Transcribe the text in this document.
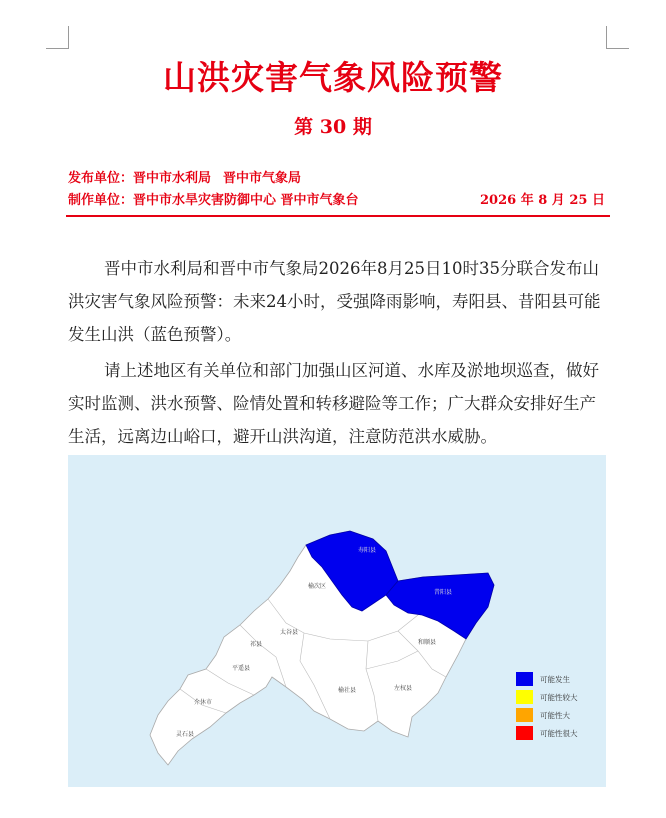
山洪灾害气象风险预警
第 30 期
发布单位：晋中市水利局 晋中市气象局
制作单位：晋中市水旱灾害防御中心 晋中市气象台	2026 年 8 月 25 日

晋中市水利局和晋中市气象局2026年8月25日10时35分联合发布山洪灾害气象风险预警：未来24小时，受强降雨影响，寿阳县、昔阳县可能发生山洪（蓝色预警）。

请上述地区有关单位和部门加强山区河道、水库及淤地坝巡查，做好实时监测、洪水预警、险情处置和转移避险等工作；广大群众安排好生产生活，远离边山峪口，避开山洪沟道，注意防范洪水威胁。

榆次区
寿阳县
昔阳县
太谷县
和顺县
祁县
平遥县
榆社县	左权县
介休市
灵石县
可能发生
可能性较大
可能性大
可能性很大
